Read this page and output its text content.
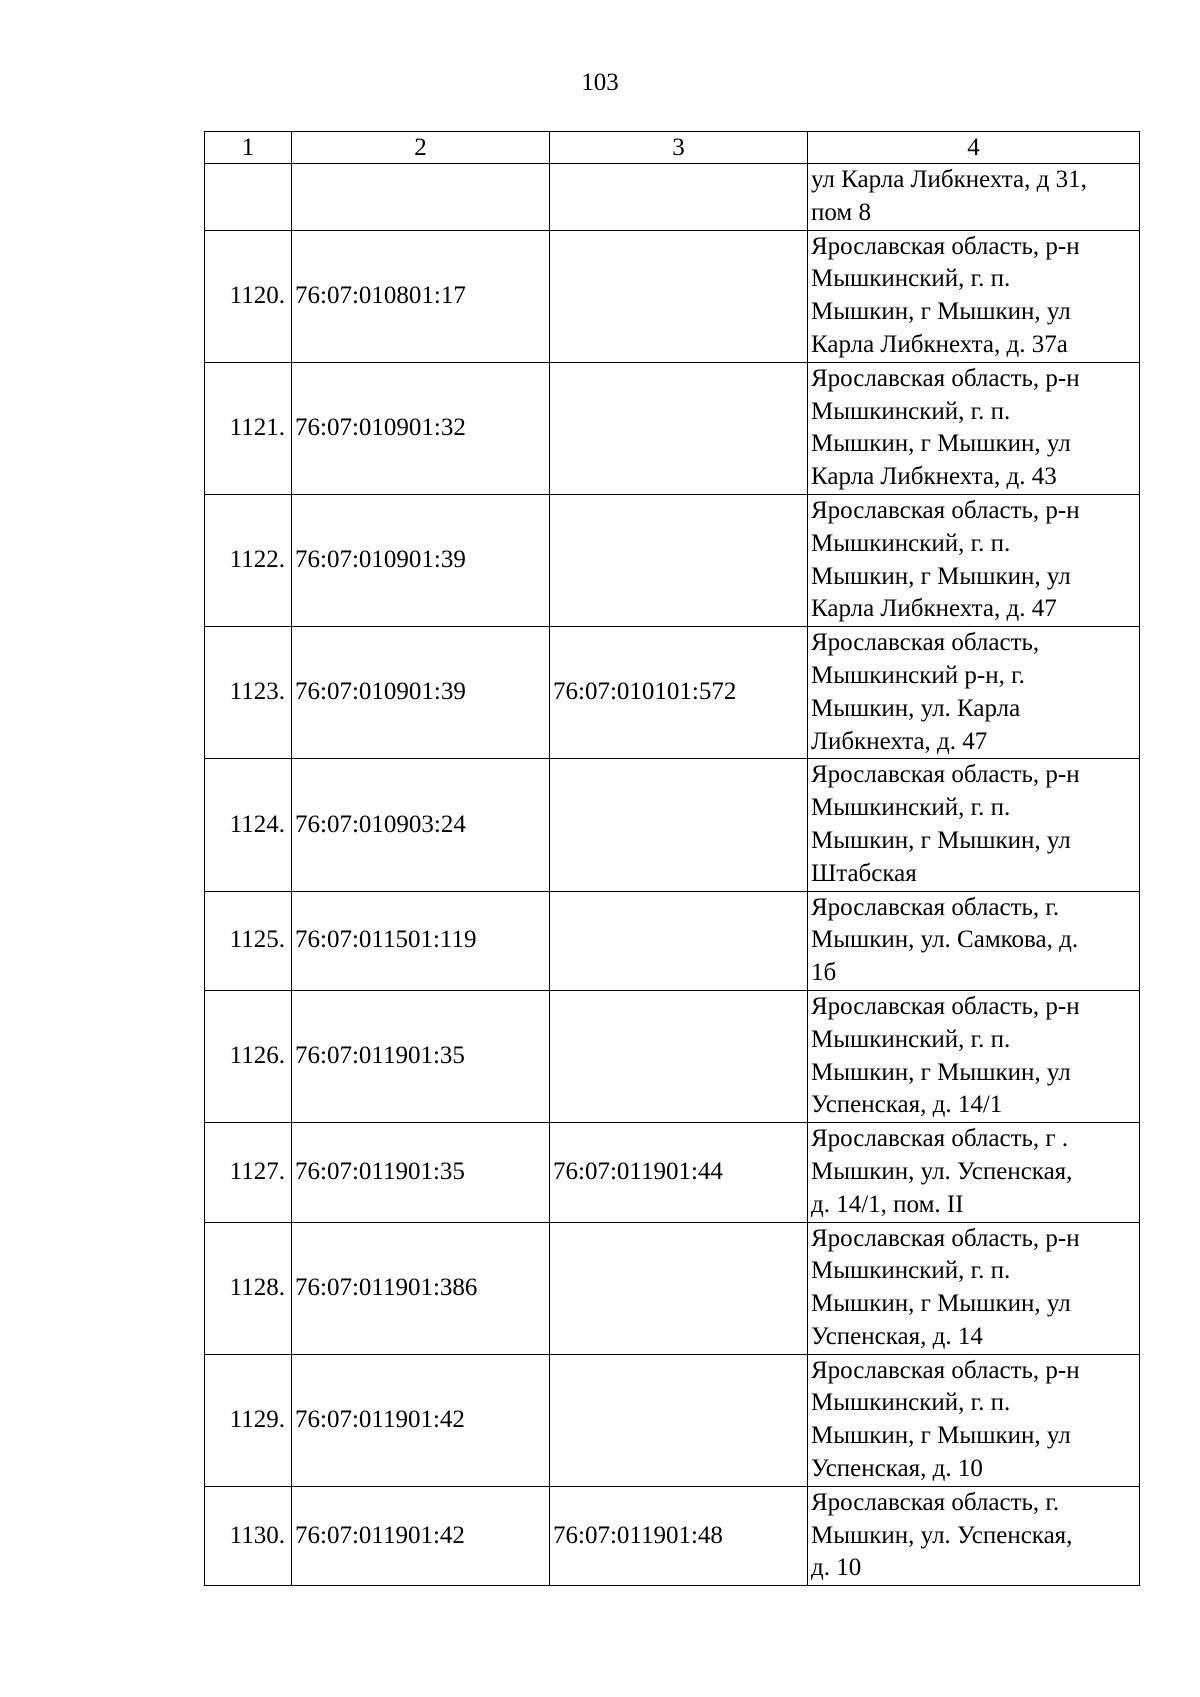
103
1	2	3	4

			ул Карла Либкнехта, д 31,
пом 8

1120.	76:07:010801:17		Ярославская область, р-н
Мышкинский, г. п.
Мышкин, г Мышкин, ул
Карла Либкнехта, д. 37а

1121.	76:07:010901:32		Ярославская область, р-н
Мышкинский, г. п.
Мышкин, г Мышкин, ул
Карла Либкнехта, д. 43

1122.	76:07:010901:39		Ярославская область, р-н
Мышкинский, г. п.
Мышкин, г Мышкин, ул
Карла Либкнехта, д. 47

1123.	76:07:010901:39	76:07:010101:572	Ярославская область,
Мышкинский р-н, г.
Мышкин, ул. Карла
Либкнехта, д. 47

1124.	76:07:010903:24		Ярославская область, р-н
Мышкинский, г. п.
Мышкин, г Мышкин, ул
Штабская

1125.	76:07:011501:119		Ярославская область, г.
Мышкин, ул. Самкова, д.
1б

1126.	76:07:011901:35		Ярославская область, р-н
Мышкинский, г. п.
Мышкин, г Мышкин, ул
Успенская, д. 14/1

1127.	76:07:011901:35	76:07:011901:44	Ярославская область, г .
Мышкин, ул. Успенская,
д. 14/1, пом. II

1128.	76:07:011901:386		Ярославская область, р-н
Мышкинский, г. п.
Мышкин, г Мышкин, ул
Успенская, д. 14

1129.	76:07:011901:42		Ярославская область, р-н
Мышкинский, г. п.
Мышкин, г Мышкин, ул
Успенская, д. 10

1130.	76:07:011901:42	76:07:011901:48	Ярославская область, г.
Мышкин, ул. Успенская,
д. 10
